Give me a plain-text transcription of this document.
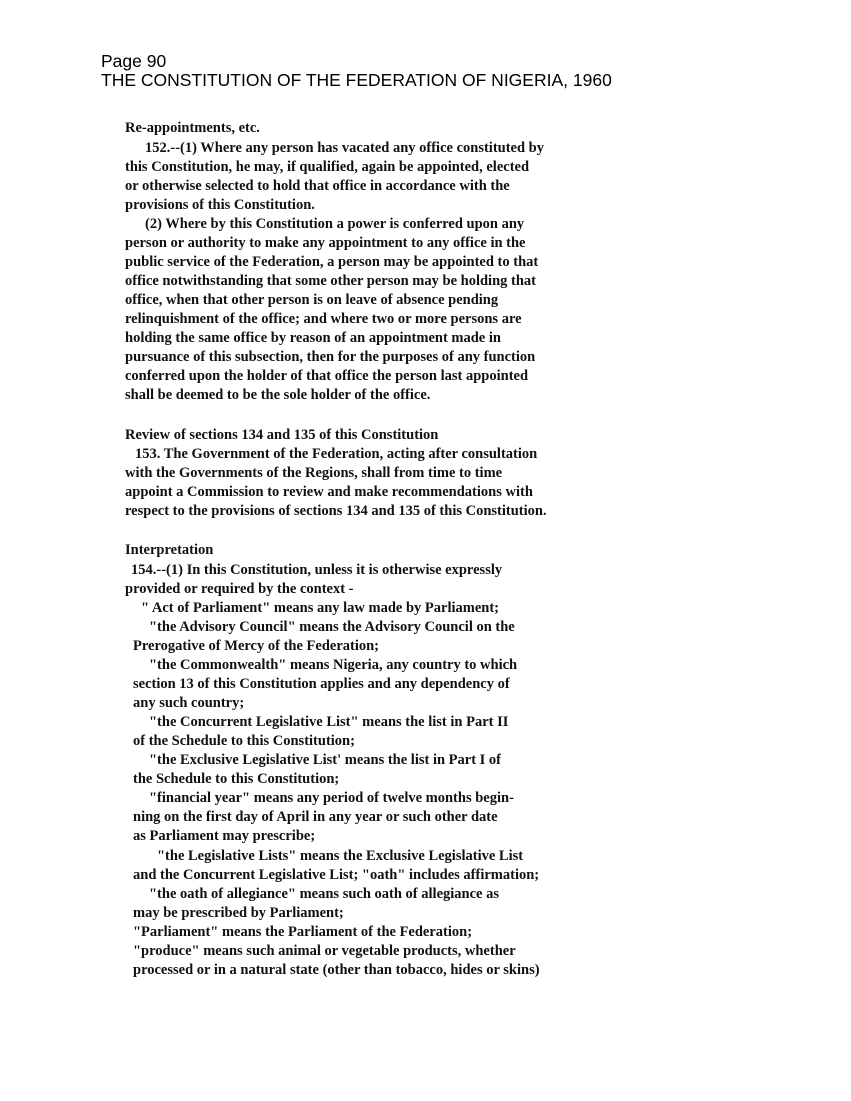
Page 90
THE CONSTITUTION OF THE FEDERATION OF NIGERIA, 1960
Re-appointments, etc.
152.--(1) Where any person has vacated any office constituted by
this Constitution, he may, if qualified, again be appointed, elected
or otherwise selected to hold that office in accordance with the
provisions of this Constitution.
(2) Where by this Constitution a power is conferred upon any
person or authority to make any appointment to any office in the
public service of the Federation, a person may be appointed to that
office notwithstanding that some other person may be holding that
office, when that other person is on leave of absence pending
relinquishment of the office; and where two or more persons are
holding the same office by reason of an appointment made in
pursuance of this subsection, then for the purposes of any function
conferred upon the holder of that office the person last appointed
shall be deemed to be the sole holder of the office.
Review of sections 134 and 135 of this Constitution
153. The Government of the Federation, acting after consultation
with the Governments of the Regions, shall from time to time
appoint a Commission to review and make recommendations with
respect to the provisions of sections 134 and 135 of this Constitution.
Interpretation
154.--(1) In this Constitution, unless it is otherwise expressly
provided or required by the context -
" Act of Parliament" means any law made by Parliament;
"the Advisory Council" means the Advisory Council on the
Prerogative of Mercy of the Federation;
"the Commonwealth" means Nigeria, any country to which
section 13 of this Constitution applies and any dependency of
any such country;
"the Concurrent Legislative List" means the list in Part II
of the Schedule to this Constitution;
"the Exclusive Legislative List' means the list in Part I of
the Schedule to this Constitution;
"financial year" means any period of twelve months begin-
ning on the first day of April in any year or such other date
as Parliament may prescribe;
"the Legislative Lists" means the Exclusive Legislative List
and the Concurrent Legislative List; "oath" includes affirmation;
"the oath of allegiance" means such oath of allegiance as
may be prescribed by Parliament;
"Parliament" means the Parliament of the Federation;
"produce" means such animal or vegetable products, whether
processed or in a natural state (other than tobacco, hides or skins)
